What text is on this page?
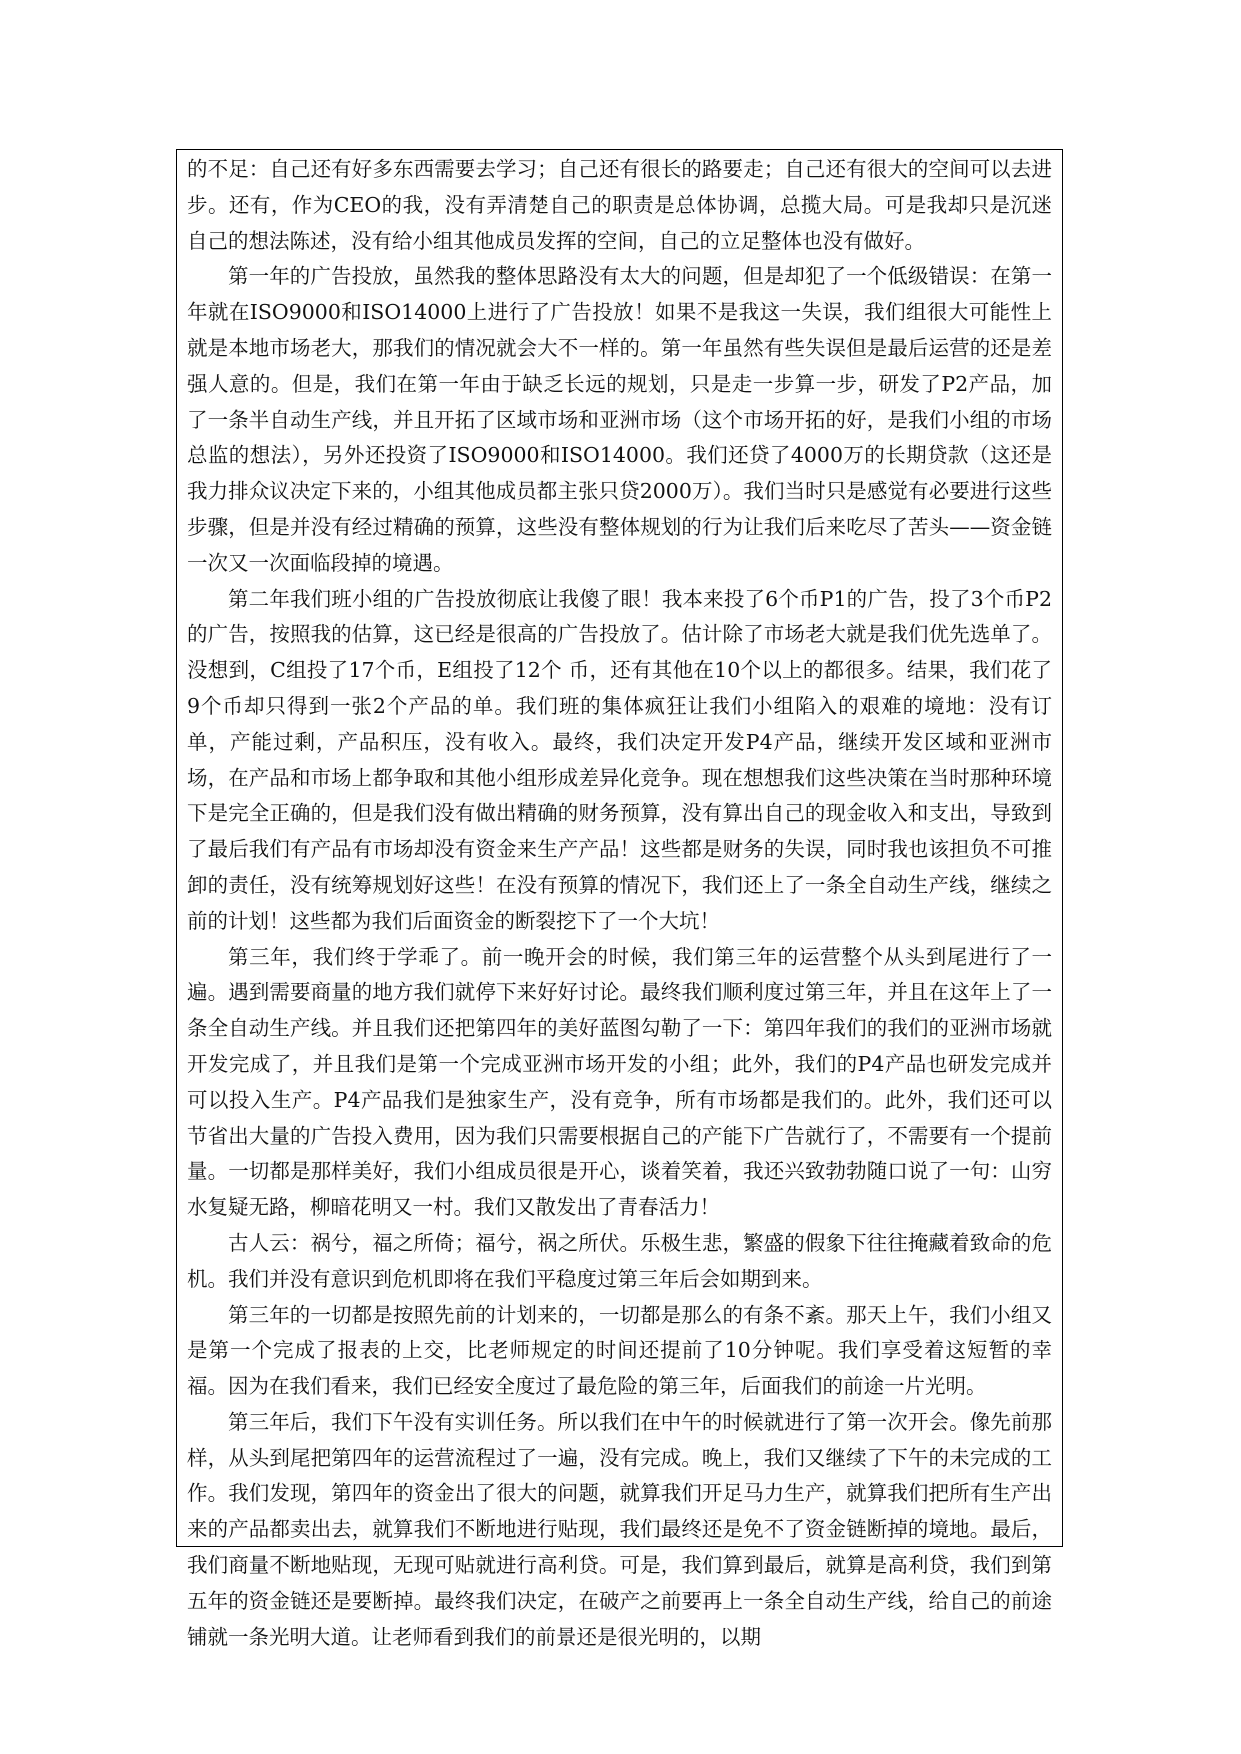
的不足：自己还有好多东西需要去学习；自己还有很长的路要走；自己还有很大的空间可以去进步。还有，作为CEO的我，没有弄清楚自己的职责是总体协调，总揽大局。可是我却只是沉迷自己的想法陈述，没有给小组其他成员发挥的空间，自己的立足整体也没有做好。

第一年的广告投放，虽然我的整体思路没有太大的问题，但是却犯了一个低级错误：在第一年就在ISO9000和ISO14000上进行了广告投放！如果不是我这一失误，我们组很大可能性上就是本地市场老大，那我们的情况就会大不一样的。第一年虽然有些失误但是最后运营的还是差强人意的。但是，我们在第一年由于缺乏长远的规划，只是走一步算一步，研发了P2产品，加了一条半自动生产线，并且开拓了区域市场和亚洲市场（这个市场开拓的好，是我们小组的市场总监的想法），另外还投资了ISO9000和ISO14000。我们还贷了4000万的长期贷款（这还是我力排众议决定下来的，小组其他成员都主张只贷2000万）。我们当时只是感觉有必要进行这些步骤，但是并没有经过精确的预算，这些没有整体规划的行为让我们后来吃尽了苦头——资金链一次又一次面临段掉的境遇。

第二年我们班小组的广告投放彻底让我傻了眼！我本来投了6个币P1的广告，投了3个币P2的广告，按照我的估算，这已经是很高的广告投放了。估计除了市场老大就是我们优先选单了。没想到，C组投了17个币，E组投了12个 币，还有其他在10个以上的都很多。结果，我们花了9个币却只得到一张2个产品的单。我们班的集体疯狂让我们小组陷入的艰难的境地：没有订单，产能过剩，产品积压，没有收入。最终，我们决定开发P4产品，继续开发区域和亚洲市场，在产品和市场上都争取和其他小组形成差异化竞争。现在想想我们这些决策在当时那种环境下是完全正确的，但是我们没有做出精确的财务预算，没有算出自己的现金收入和支出，导致到了最后我们有产品有市场却没有资金来生产产品！这些都是财务的失误，同时我也该担负不可推卸的责任，没有统筹规划好这些！在没有预算的情况下，我们还上了一条全自动生产线，继续之前的计划！这些都为我们后面资金的断裂挖下了一个大坑！

第三年，我们终于学乖了。前一晚开会的时候，我们第三年的运营整个从头到尾进行了一遍。遇到需要商量的地方我们就停下来好好讨论。最终我们顺利度过第三年，并且在这年上了一条全自动生产线。并且我们还把第四年的美好蓝图勾勒了一下：第四年我们的我们的亚洲市场就开发完成了，并且我们是第一个完成亚洲市场开发的小组；此外，我们的P4产品也研发完成并可以投入生产。P4产品我们是独家生产，没有竞争，所有市场都是我们的。此外，我们还可以节省出大量的广告投入费用，因为我们只需要根据自己的产能下广告就行了，不需要有一个提前量。一切都是那样美好，我们小组成员很是开心，谈着笑着，我还兴致勃勃随口说了一句：山穷水复疑无路，柳暗花明又一村。我们又散发出了青春活力！

古人云：祸兮，福之所倚；福兮，祸之所伏。乐极生悲，繁盛的假象下往往掩藏着致命的危机。我们并没有意识到危机即将在我们平稳度过第三年后会如期到来。

第三年的一切都是按照先前的计划来的，一切都是那么的有条不紊。那天上午，我们小组又是第一个完成了报表的上交，比老师规定的时间还提前了10分钟呢。我们享受着这短暂的幸福。因为在我们看来，我们已经安全度过了最危险的第三年，后面我们的前途一片光明。

第三年后，我们下午没有实训任务。所以我们在中午的时候就进行了第一次开会。像先前那样，从头到尾把第四年的运营流程过了一遍，没有完成。晚上，我们又继续了下午的未完成的工作。我们发现，第四年的资金出了很大的问题，就算我们开足马力生产，就算我们把所有生产出来的产品都卖出去，就算我们不断地进行贴现，我们最终还是免不了资金链断掉的境地。最后，我们商量不断地贴现，无现可贴就进行高利贷。可是，我们算到最后，就算是高利贷，我们到第五年的资金链还是要断掉。最终我们决定，在破产之前要再上一条全自动生产线，给自己的前途铺就一条光明大道。让老师看到我们的前景还是很光明的，以期
